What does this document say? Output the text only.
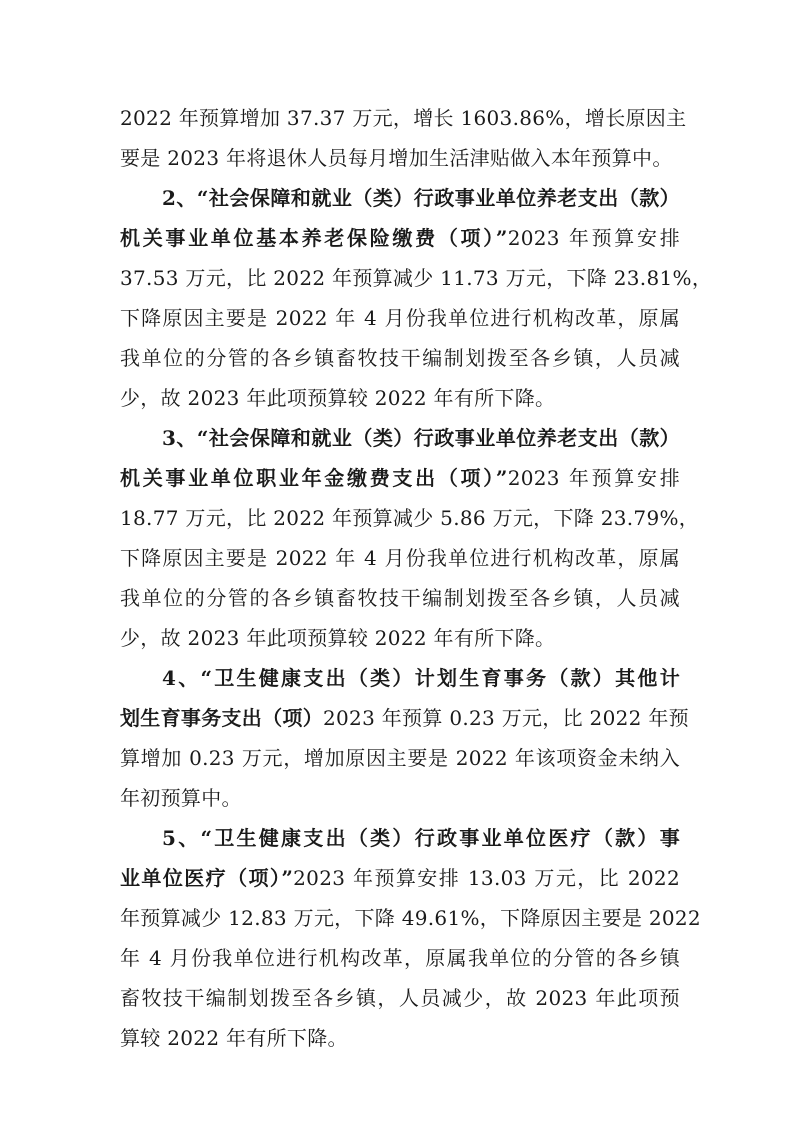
2022 年预算增加 37.37 万元，增长 1603.86%，增长原因主
要是 2023 年将退休人员每月增加生活津贴做入本年预算中。
2、“社会保障和就业（类）行政事业单位养老支出（款）
机关事业单位基本养老保险缴费（项）”2023 年预算安排
37.53 万元，比 2022 年预算减少 11.73 万元，下降 23.81%，
下降原因主要是 2022 年 4 月份我单位进行机构改革，原属
我单位的分管的各乡镇畜牧技干编制划拨至各乡镇，人员减
少，故 2023 年此项预算较 2022 年有所下降。
3、“社会保障和就业（类）行政事业单位养老支出（款）
机关事业单位职业年金缴费支出（项）”2023 年预算安排
18.77 万元，比 2022 年预算减少 5.86 万元，下降 23.79%，
下降原因主要是 2022 年 4 月份我单位进行机构改革，原属
我单位的分管的各乡镇畜牧技干编制划拨至各乡镇，人员减
少，故 2023 年此项预算较 2022 年有所下降。
4、“卫生健康支出（类）计划生育事务（款）其他计
划生育事务支出（项）2023 年预算 0.23 万元，比 2022 年预
算增加 0.23 万元，增加原因主要是 2022 年该项资金未纳入
年初预算中。
5、“卫生健康支出（类）行政事业单位医疗（款）事
业单位医疗（项）”2023 年预算安排 13.03 万元，比 2022
年预算减少 12.83 万元，下降 49.61%，下降原因主要是 2022
年 4 月份我单位进行机构改革，原属我单位的分管的各乡镇
畜牧技干编制划拨至各乡镇，人员减少，故 2023 年此项预
算较 2022 年有所下降。
